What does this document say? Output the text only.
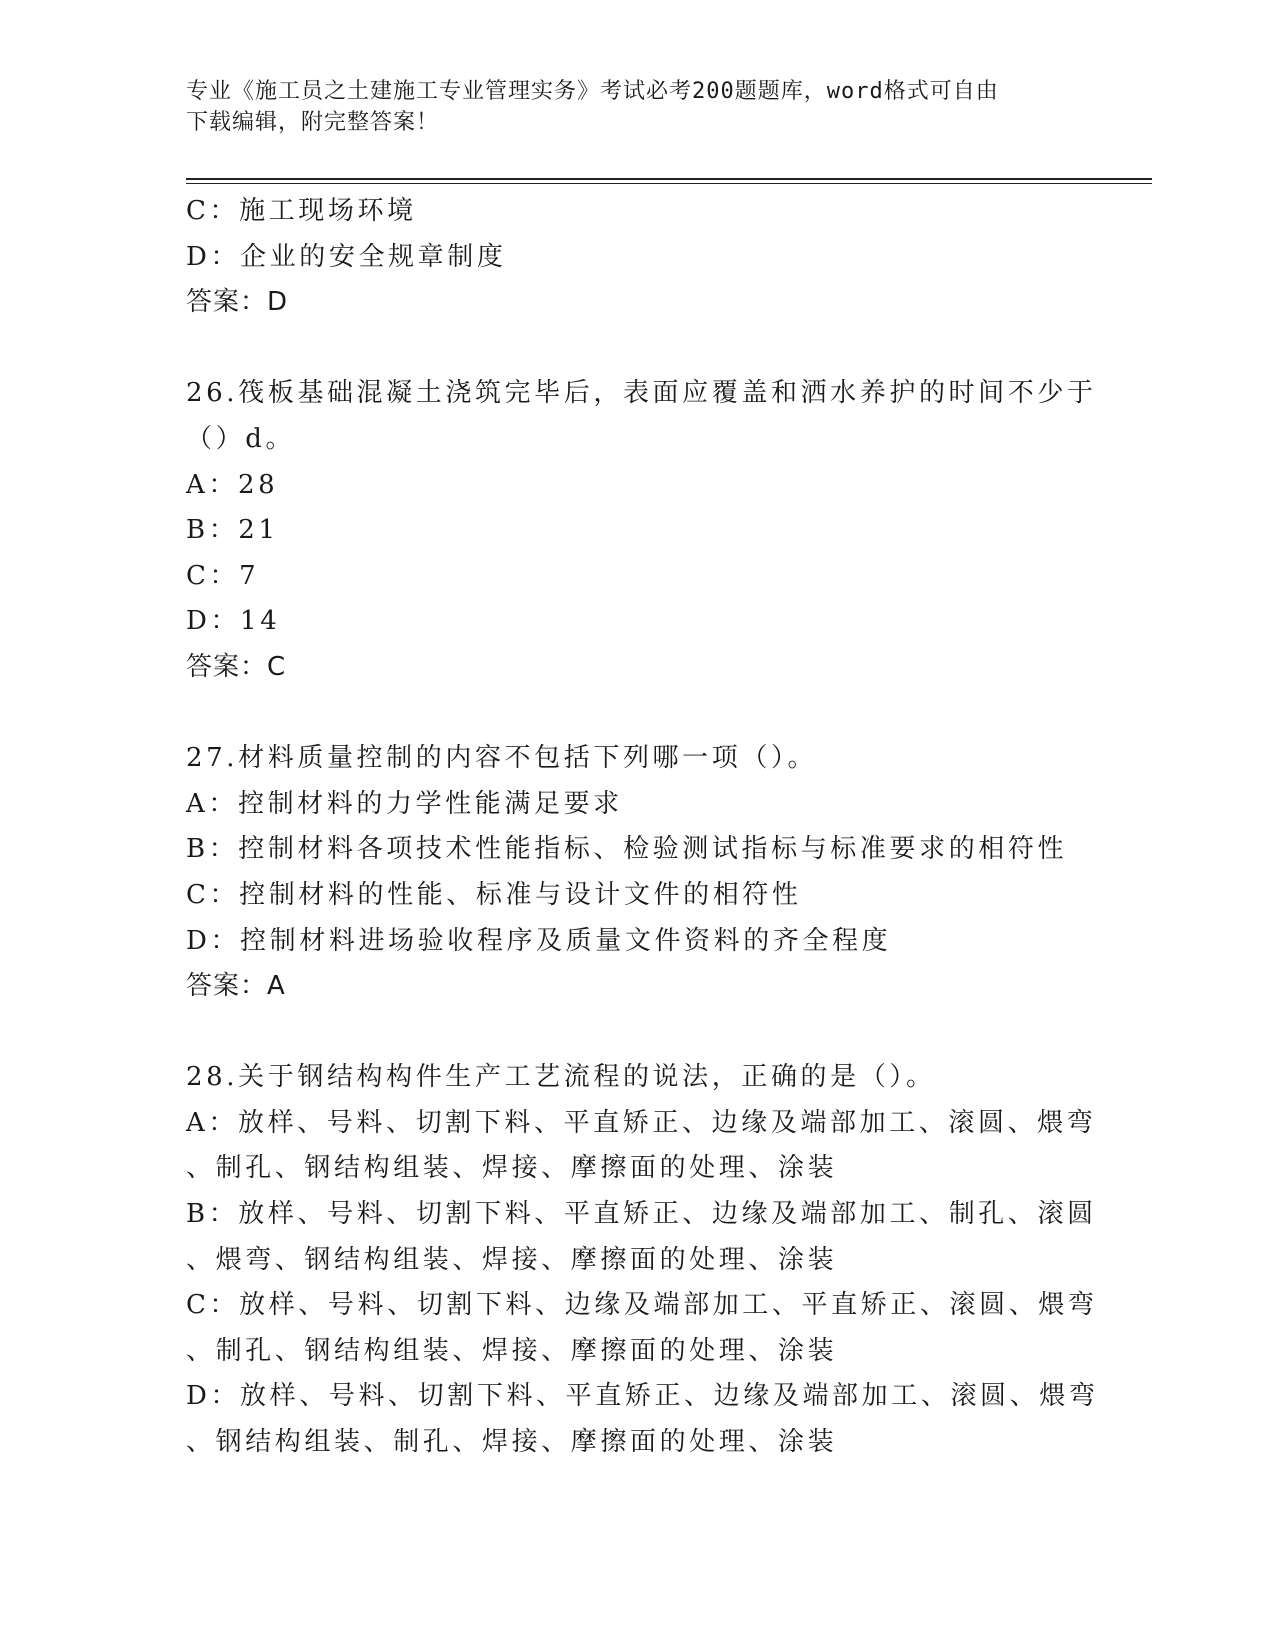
专业《施工员之土建施工专业管理实务》考试必考200题题库，word格式可自由
下载编辑，附完整答案！
C：施工现场环境
D：企业的安全规章制度
答案：D
26.筏板基础混凝土浇筑完毕后，表面应覆盖和洒水养护的时间不少于
（）d。
A：28
B：21
C：7
D：14
答案：C
27.材料质量控制的内容不包括下列哪一项（）。
A：控制材料的力学性能满足要求
B：控制材料各项技术性能指标、检验测试指标与标准要求的相符性
C：控制材料的性能、标准与设计文件的相符性
D：控制材料进场验收程序及质量文件资料的齐全程度
答案：A
28.关于钢结构构件生产工艺流程的说法，正确的是（）。
A：放样、号料、切割下料、平直矫正、边缘及端部加工、滚圆、煨弯
、制孔、钢结构组装、焊接、摩擦面的处理、涂装
B：放样、号料、切割下料、平直矫正、边缘及端部加工、制孔、滚圆
、煨弯、钢结构组装、焊接、摩擦面的处理、涂装
C：放样、号料、切割下料、边缘及端部加工、平直矫正、滚圆、煨弯
、制孔、钢结构组装、焊接、摩擦面的处理、涂装
D：放样、号料、切割下料、平直矫正、边缘及端部加工、滚圆、煨弯
、钢结构组装、制孔、焊接、摩擦面的处理、涂装
